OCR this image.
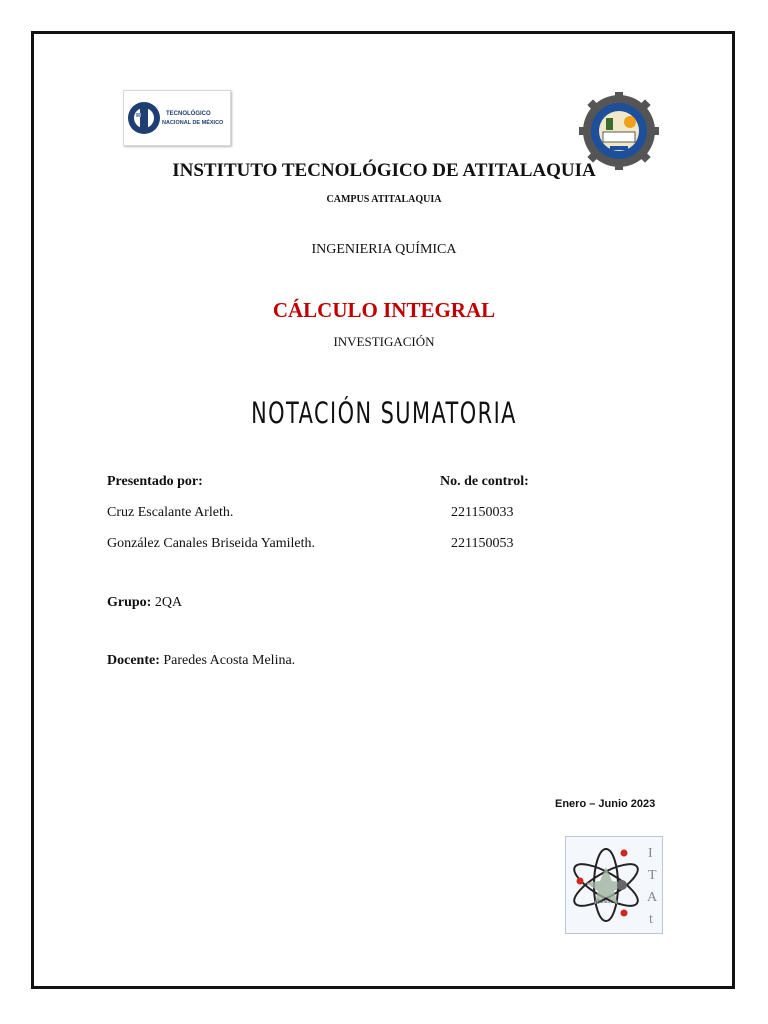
TECNOLÓGICO
NACIONAL DE MÉXICO
INSTITUTO TECNOLÓGICO DE ATITALAQUIA
CAMPUS ATITALAQUIA
INGENIERIA QUÍMICA
CÁLCULO INTEGRAL
INVESTIGACIÓN
NOTACIÓN SUMATORIA
Presentado por:	No. de control:
Cruz Escalante Arleth.	221150033
González Canales Briseida Yamileth.	221150053
Grupo: 2QA
Docente: Paredes Acosta Melina.
Enero – Junio 2023
Química
I
T
A
t
